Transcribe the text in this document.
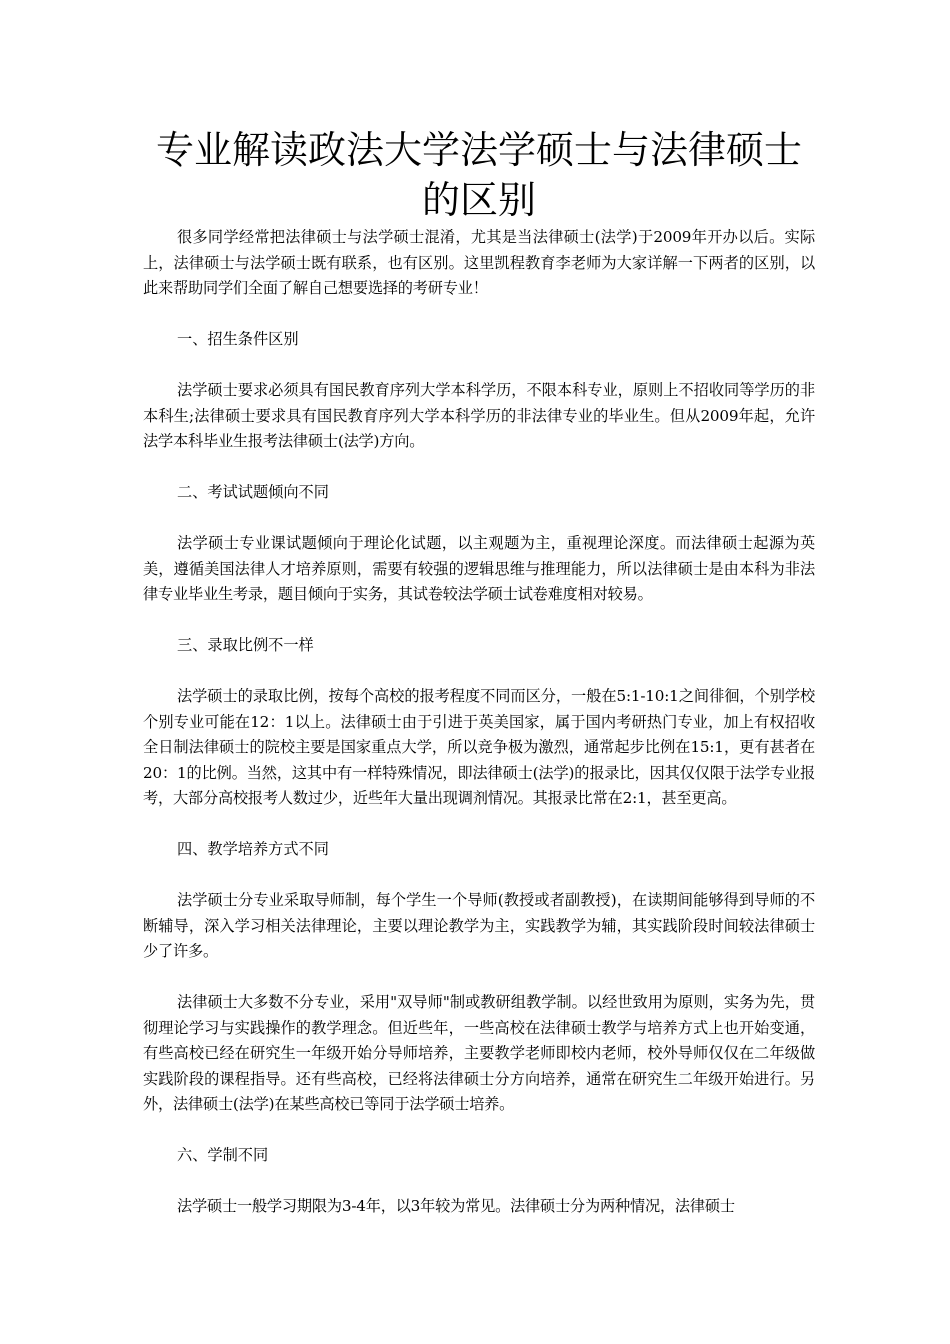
专业解读政法大学法学硕士与法律硕士
的区别

很多同学经常把法律硕士与法学硕士混淆，尤其是当法律硕士(法学)于2009年开办以后。实际上，法律硕士与法学硕士既有联系，也有区别。这里凯程教育李老师为大家详解一下两者的区别，以此来帮助同学们全面了解自己想要选择的考研专业！

一、招生条件区别

法学硕士要求必须具有国民教育序列大学本科学历，不限本科专业，原则上不招收同等学历的非本科生;法律硕士要求具有国民教育序列大学本科学历的非法律专业的毕业生。但从2009年起，允许法学本科毕业生报考法律硕士(法学)方向。

二、考试试题倾向不同

法学硕士专业课试题倾向于理论化试题，以主观题为主，重视理论深度。而法律硕士起源为英美，遵循美国法律人才培养原则，需要有较强的逻辑思维与推理能力，所以法律硕士是由本科为非法律专业毕业生考录，题目倾向于实务，其试卷较法学硕士试卷难度相对较易。

三、录取比例不一样

法学硕士的录取比例，按每个高校的报考程度不同而区分，一般在5:1-10:1之间徘徊，个别学校个别专业可能在12：1以上。法律硕士由于引进于英美国家，属于国内考研热门专业，加上有权招收全日制法律硕士的院校主要是国家重点大学，所以竞争极为激烈，通常起步比例在15:1，更有甚者在20：1的比例。当然，这其中有一样特殊情况，即法律硕士(法学)的报录比，因其仅仅限于法学专业报考，大部分高校报考人数过少，近些年大量出现调剂情况。其报录比常在2:1，甚至更高。

四、教学培养方式不同

法学硕士分专业采取导师制，每个学生一个导师(教授或者副教授)，在读期间能够得到导师的不断辅导，深入学习相关法律理论，主要以理论教学为主，实践教学为辅，其实践阶段时间较法律硕士少了许多。

法律硕士大多数不分专业，采用"双导师"制或教研组教学制。以经世致用为原则，实务为先，贯彻理论学习与实践操作的教学理念。但近些年，一些高校在法律硕士教学与培养方式上也开始变通，有些高校已经在研究生一年级开始分导师培养，主要教学老师即校内老师，校外导师仅仅在二年级做实践阶段的课程指导。还有些高校，已经将法律硕士分方向培养，通常在研究生二年级开始进行。另外，法律硕士(法学)在某些高校已等同于法学硕士培养。

六、学制不同

法学硕士一般学习期限为3-4年，以3年较为常见。法律硕士分为两种情况，法律硕士
